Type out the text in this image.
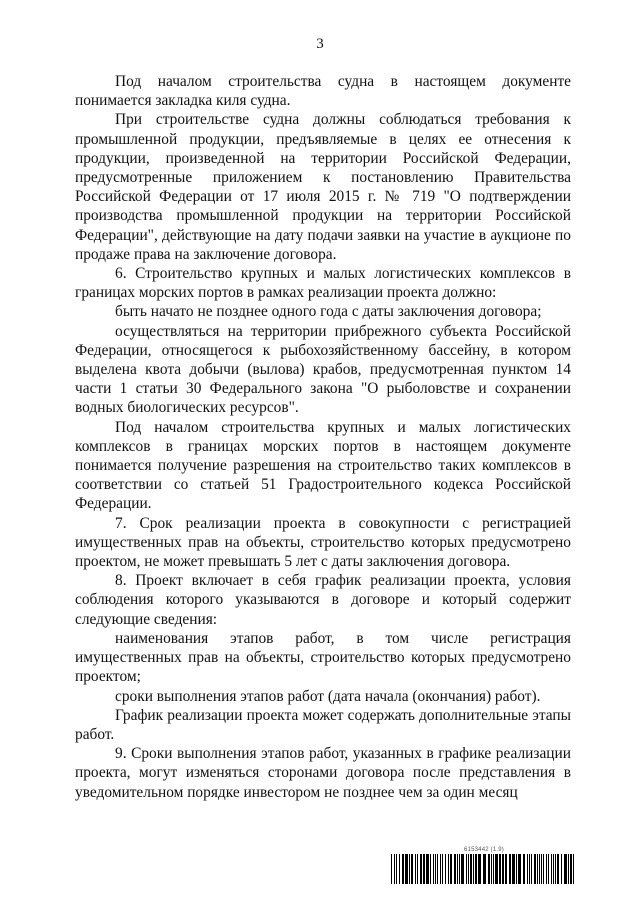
3

Под началом строительства судна в настоящем документе понимается закладка киля судна.

При строительстве судна должны соблюдаться требования к промышленной продукции, предъявляемые в целях ее отнесения к продукции, произведенной на территории Российской Федерации, предусмотренные приложением к постановлению Правительства Российской Федерации от 17 июля 2015 г. № 719 "О подтверждении производства промышленной продукции на территории Российской Федерации", действующие на дату подачи заявки на участие в аукционе по продаже права на заключение договора.

6. Строительство крупных и малых логистических комплексов в границах морских портов в рамках реализации проекта должно:

быть начато не позднее одного года с даты заключения договора;

осуществляться на территории прибрежного субъекта Российской Федерации, относящегося к рыбохозяйственному бассейну, в котором выделена квота добычи (вылова) крабов, предусмотренная пунктом 14 части 1 статьи 30 Федерального закона "О рыболовстве и сохранении водных биологических ресурсов".

Под началом строительства крупных и малых логистических комплексов в границах морских портов в настоящем документе понимается получение разрешения на строительство таких комплексов в соответствии со статьей 51 Градостроительного кодекса Российской Федерации.

7. Срок реализации проекта в совокупности с регистрацией имущественных прав на объекты, строительство которых предусмотрено проектом, не может превышать 5 лет с даты заключения договора.

8. Проект включает в себя график реализации проекта, условия соблюдения которого указываются в договоре и который содержит следующие сведения:

наименования этапов работ, в том числе регистрация имущественных прав на объекты, строительство которых предусмотрено проектом;

сроки выполнения этапов работ (дата начала (окончания) работ).

График реализации проекта может содержать дополнительные этапы работ.

9. Сроки выполнения этапов работ, указанных в графике реализации проекта, могут изменяться сторонами договора после представления в уведомительном порядке инвестором не позднее чем за один месяц

6153442 (1.9)
